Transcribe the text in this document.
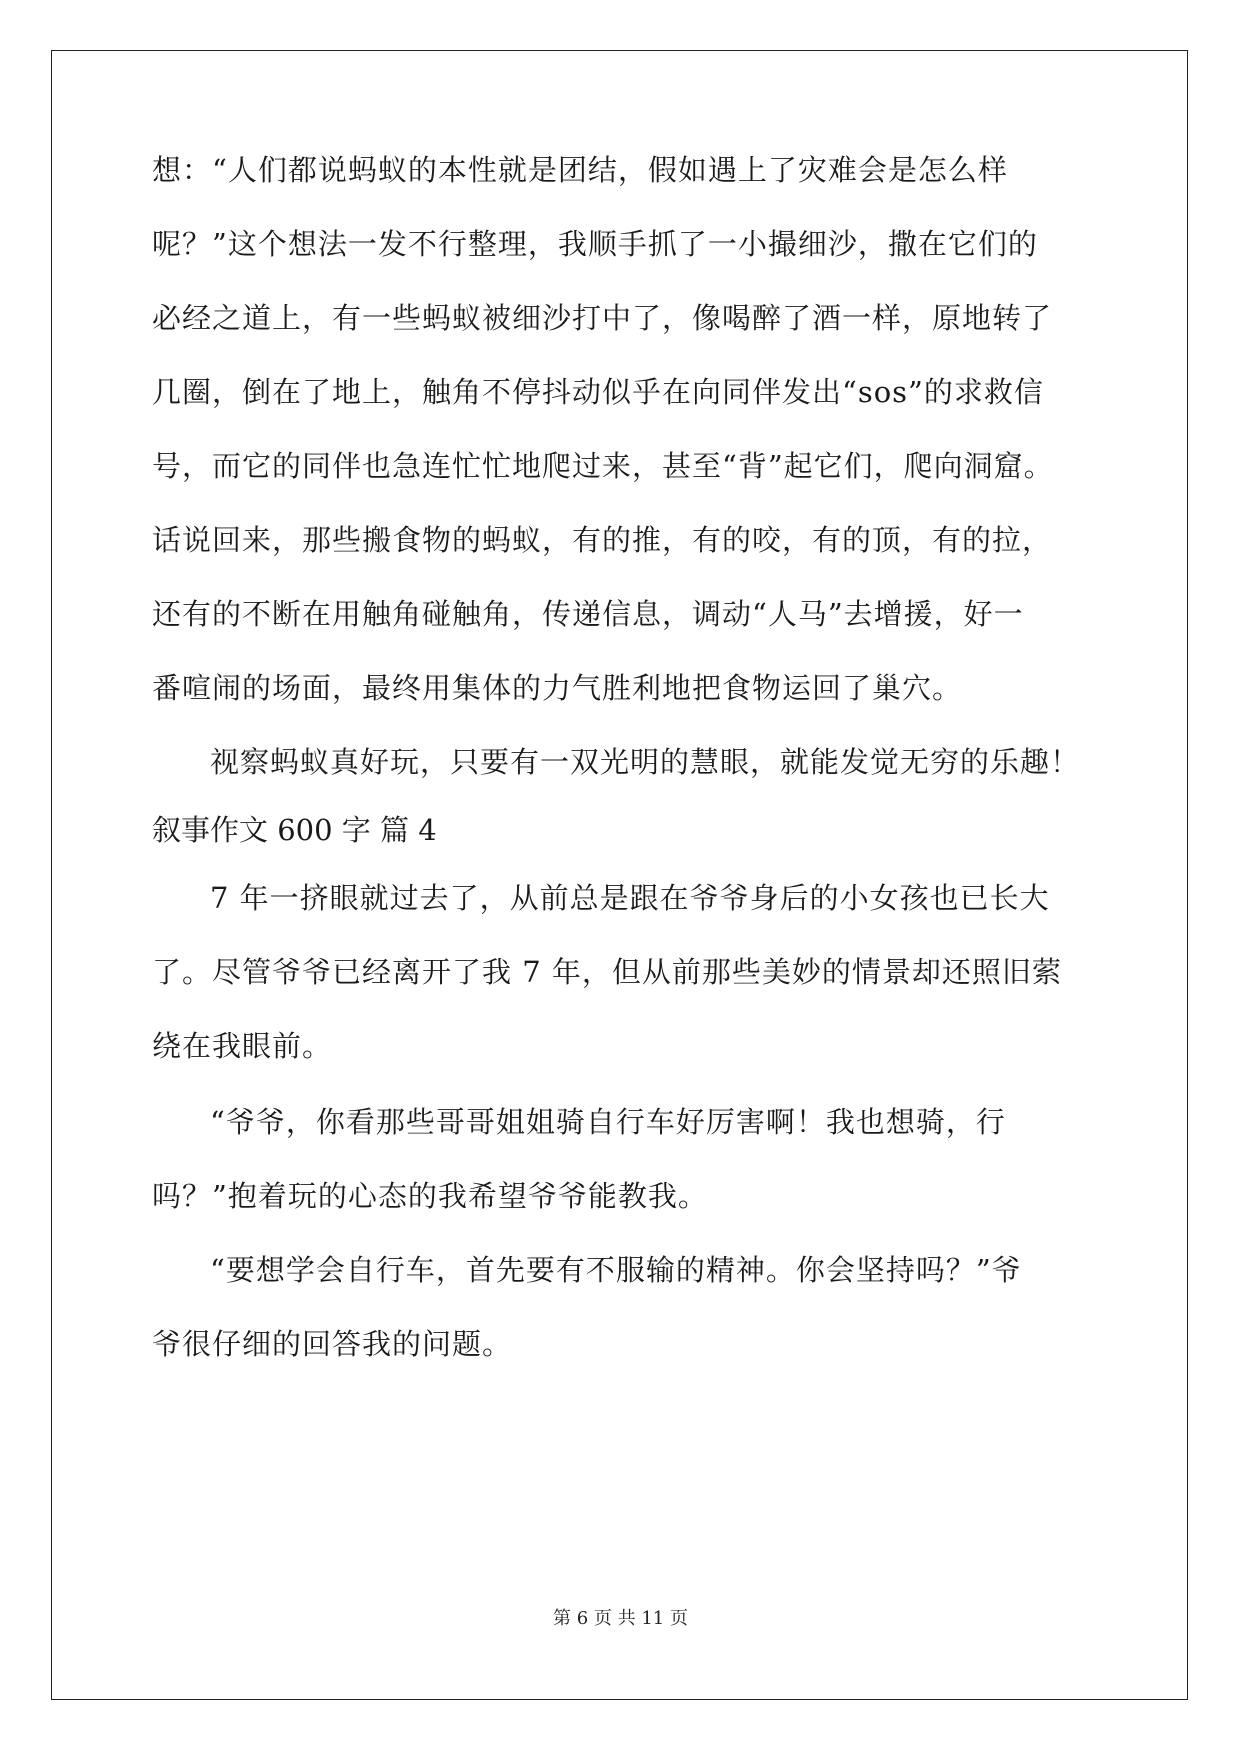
想：“人们都说蚂蚁的本性就是团结，假如遇上了灾难会是怎么样
呢？”这个想法一发不行整理，我顺手抓了一小撮细沙，撒在它们的
必经之道上，有一些蚂蚁被细沙打中了，像喝醉了酒一样，原地转了
几圈，倒在了地上，触角不停抖动似乎在向同伴发出“sos”的求救信
号，而它的同伴也急连忙忙地爬过来，甚至“背”起它们，爬向洞窟。
话说回来，那些搬食物的蚂蚁，有的推，有的咬，有的顶，有的拉，
还有的不断在用触角碰触角，传递信息，调动“人马”去增援，好一
番喧闹的场面，最终用集体的力气胜利地把食物运回了巢穴。
视察蚂蚁真好玩，只要有一双光明的慧眼，就能发觉无穷的乐趣！
叙事作文 600 字 篇 4
7 年一挤眼就过去了，从前总是跟在爷爷身后的小女孩也已长大
了。尽管爷爷已经离开了我 7 年，但从前那些美妙的情景却还照旧萦
绕在我眼前。
“爷爷，你看那些哥哥姐姐骑自行车好厉害啊！我也想骑，行
吗？”抱着玩的心态的我希望爷爷能教我。
“要想学会自行车，首先要有不服输的精神。你会坚持吗？”爷
爷很仔细的回答我的问题。
第 6 页 共 11 页
